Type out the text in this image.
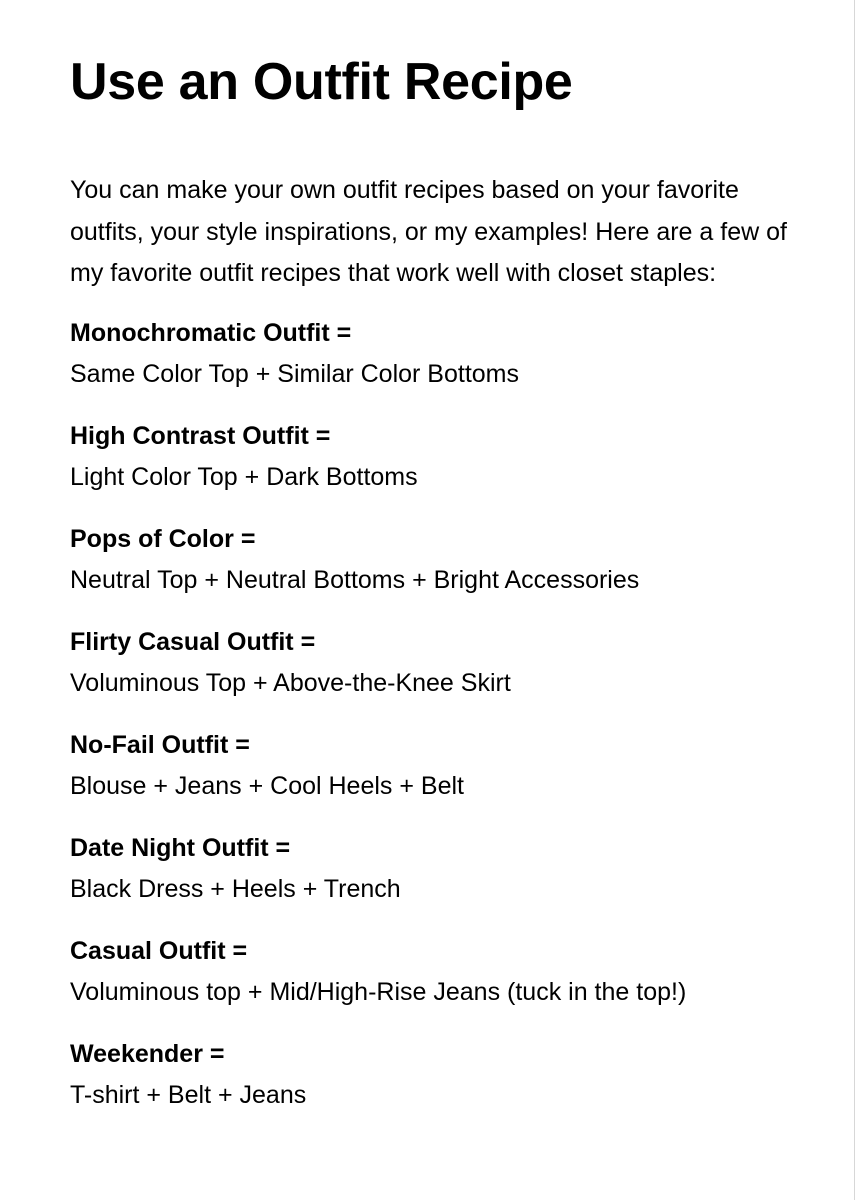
Use an Outfit Recipe

You can make your own outfit recipes based on your favorite outfits, your style inspirations, or my examples! Here are a few of my favorite outfit recipes that work well with closet staples:

Monochromatic Outfit =
Same Color Top + Similar Color Bottoms
High Contrast Outfit =
Light Color Top + Dark Bottoms
Pops of Color =
Neutral Top + Neutral Bottoms + Bright Accessories
Flirty Casual Outfit =
Voluminous Top + Above-the-Knee Skirt
No-Fail Outfit =
Blouse + Jeans + Cool Heels + Belt
Date Night Outfit =
Black Dress + Heels + Trench
Casual Outfit =
Voluminous top + Mid/High-Rise Jeans (tuck in the top!)
Weekender =
T-shirt + Belt + Jeans
